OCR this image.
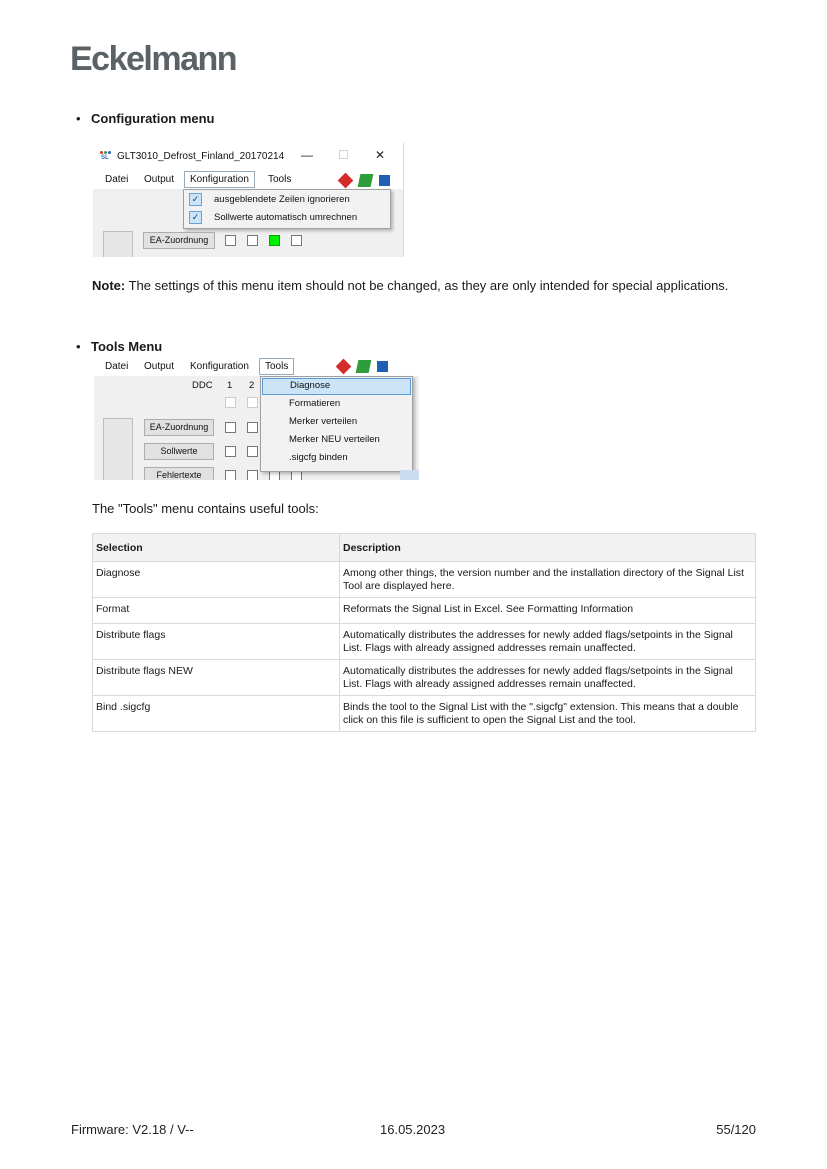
Eckelmann
• Configuration menu
SL GLT3010_Defrost_Finland_20170214 — ☐ ✕
Datei Output	Konfiguration	Tools
✓ ausgeblendete Zeilen ignorieren
✓ Sollwerte automatisch umrechnen
EA-Zuordnung
Note: The settings of this menu item should not be changed, as they are only intended for special applications.
• Tools Menu
Datei Output Konfiguration	Tools
DDC 1 2
EA-Zuordnung
Sollwerte
Fehlertexte
Diagnose
Formatieren
Merker verteilen
Merker NEU verteilen
.sigcfg binden
The "Tools" menu contains useful tools:
Selection	Description
Diagnose	Among other things, the version number and the installation directory of the Signal List Tool are displayed here.
Format	Reformats the Signal List in Excel. See Formatting Information
Distribute flags	Automatically distributes the addresses for newly added flags/setpoints in the Signal List. Flags with already assigned addresses remain unaffected.
Distribute flags NEW	Automatically distributes the addresses for newly added flags/setpoints in the Signal List. Flags with already assigned addresses remain unaffected.
Bind .sigcfg	Binds the tool to the Signal List with the ".sigcfg" extension. This means that a double click on this file is sufficient to open the Signal List and the tool.
Firmware: V2.18 / V--	16.05.2023	55/120
